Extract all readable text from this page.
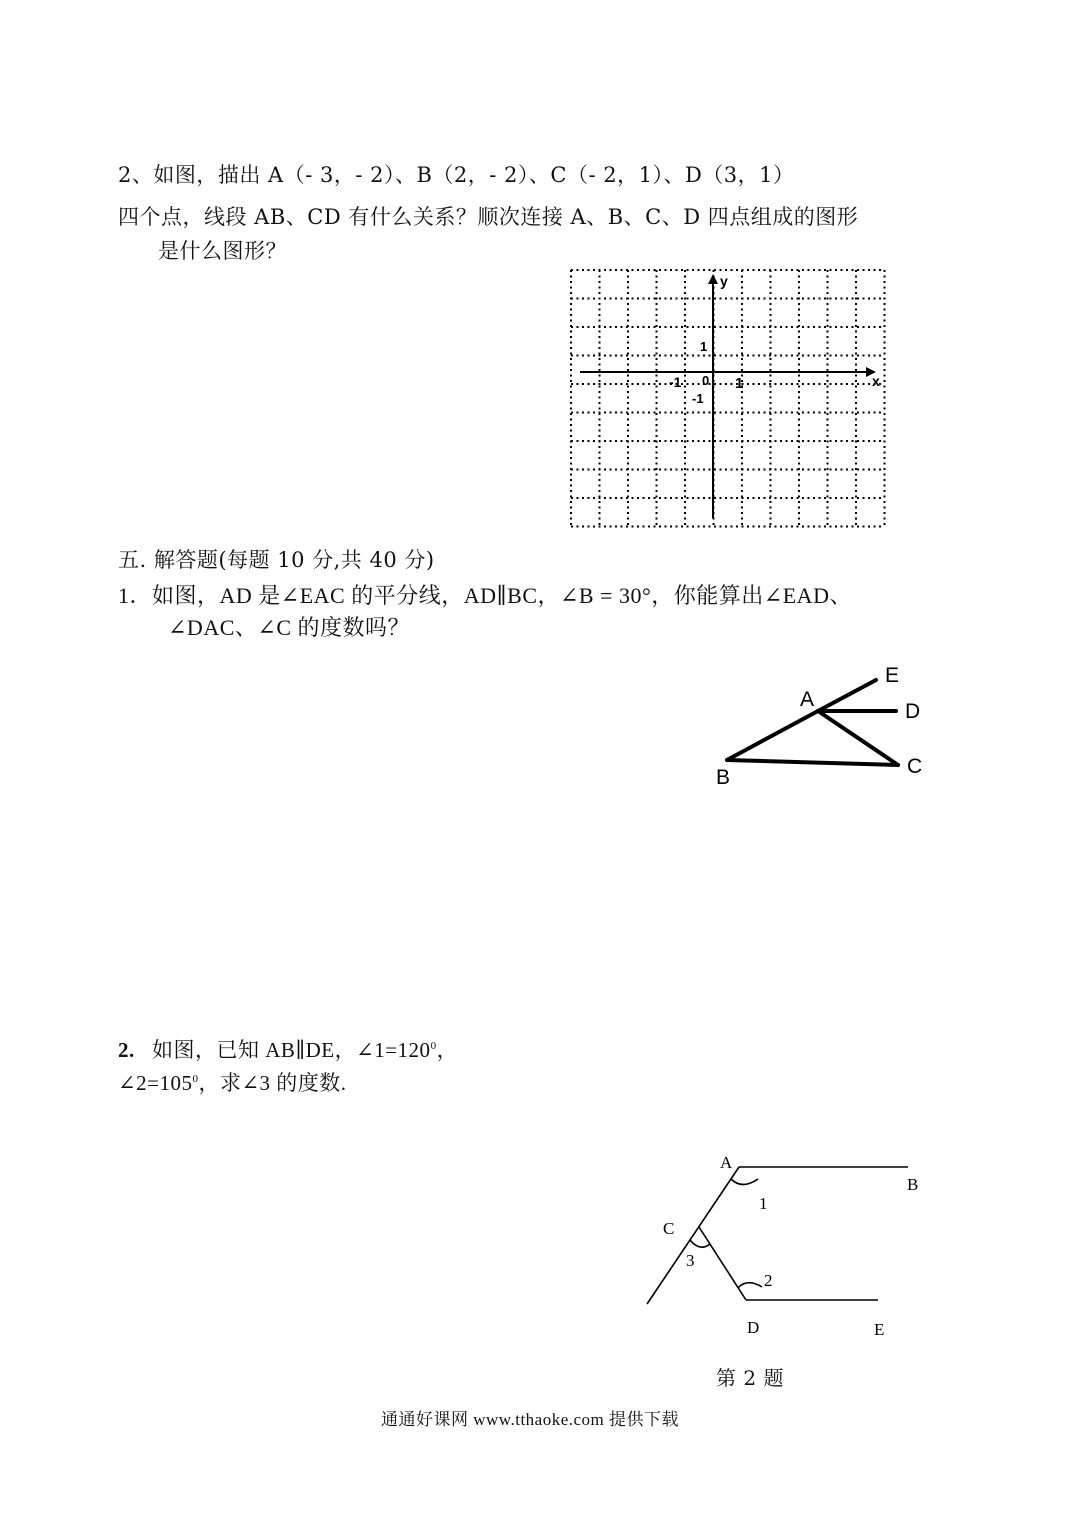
2、如图，描出 A（- 3，- 2）、B（2，- 2）、C（- 2，1）、D（3，1）
四个点，线段 AB、CD 有什么关系？顺次连接 A、B、C、D 四点组成的图形
是什么图形？
y
x
0
-1	1
1
-1
五. 解答题(每题 10 分,共 40 分)
1．如图，AD 是∠EAC 的平分线，AD∥BC，∠B = 30°，你能算出∠EAD、
∠DAC、∠C 的度数吗？
E
A
D
B	C
2. 如图，已知 AB∥DE，$\angle 1=120^0$，
$\angle 2=105^0$，求∠3 的度数.
A
B
C
D	E
1
3
2
第 2 题
通通好课网 www.tthaoke.com 提供下载
